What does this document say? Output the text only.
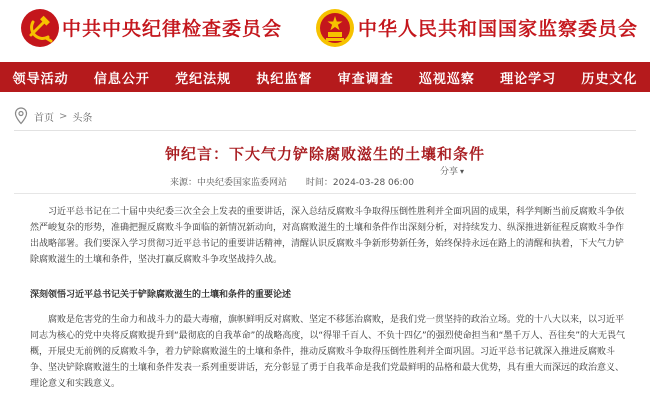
中共中央纪律检查委员会	中华人民共和国国家监察委员会
领导活动	信息公开	党纪法规	执纪监督	审查调查	巡视巡察	理论学习	历史文化
首页 > 头条
钟纪言：下大气力铲除腐败滋生的土壤和条件
分享 ▾
来源：中央纪委国家监委网站 时间：2024-03-28 06:00

习近平总书记在二十届中央纪委三次全会上发表的重要讲话，深入总结反腐败斗争取得压倒性胜利并全面巩固的成果，科学判断当前反腐败斗争依然严峻复杂的形势，准确把握反腐败斗争面临的新情况新动向，对高腐败滋生的土壤和条件作出深刻分析，对持续发力、纵深推进新征程反腐败斗争作出战略部署。我们要深入学习贯彻习近平总书记的重要讲话精神，清醒认识反腐败斗争新形势新任务，始终保持永远在路上的清醒和执着，下大气力铲除腐败滋生的土壤和条件，坚决打赢反腐败斗争攻坚战持久战。

深刻领悟习近平总书记关于铲除腐败滋生的土壤和条件的重要论述

腐败是危害党的生命力和战斗力的最大毒瘤，旗帜鲜明反对腐败、坚定不移惩治腐败，是我们党一贯坚持的政治立场。党的十八大以来，以习近平同志为核心的党中央将反腐败提升到“最彻底的自我革命”的战略高度，以“得罪千百人、不负十四亿”的强烈使命担当和“墨千万人、吾往矣”的大无畏气概，开展史无前例的反腐败斗争，着力铲除腐败滋生的土壤和条件，推动反腐败斗争取得压倒性胜利并全面巩固。习近平总书记就深入推进反腐败斗争、坚决铲除腐败滋生的土壤和条件发表一系列重要讲话，充分彰显了勇于自我革命是我们党最鲜明的品格和最大优势，具有重大而深远的政治意义、理论意义和实践意义。
